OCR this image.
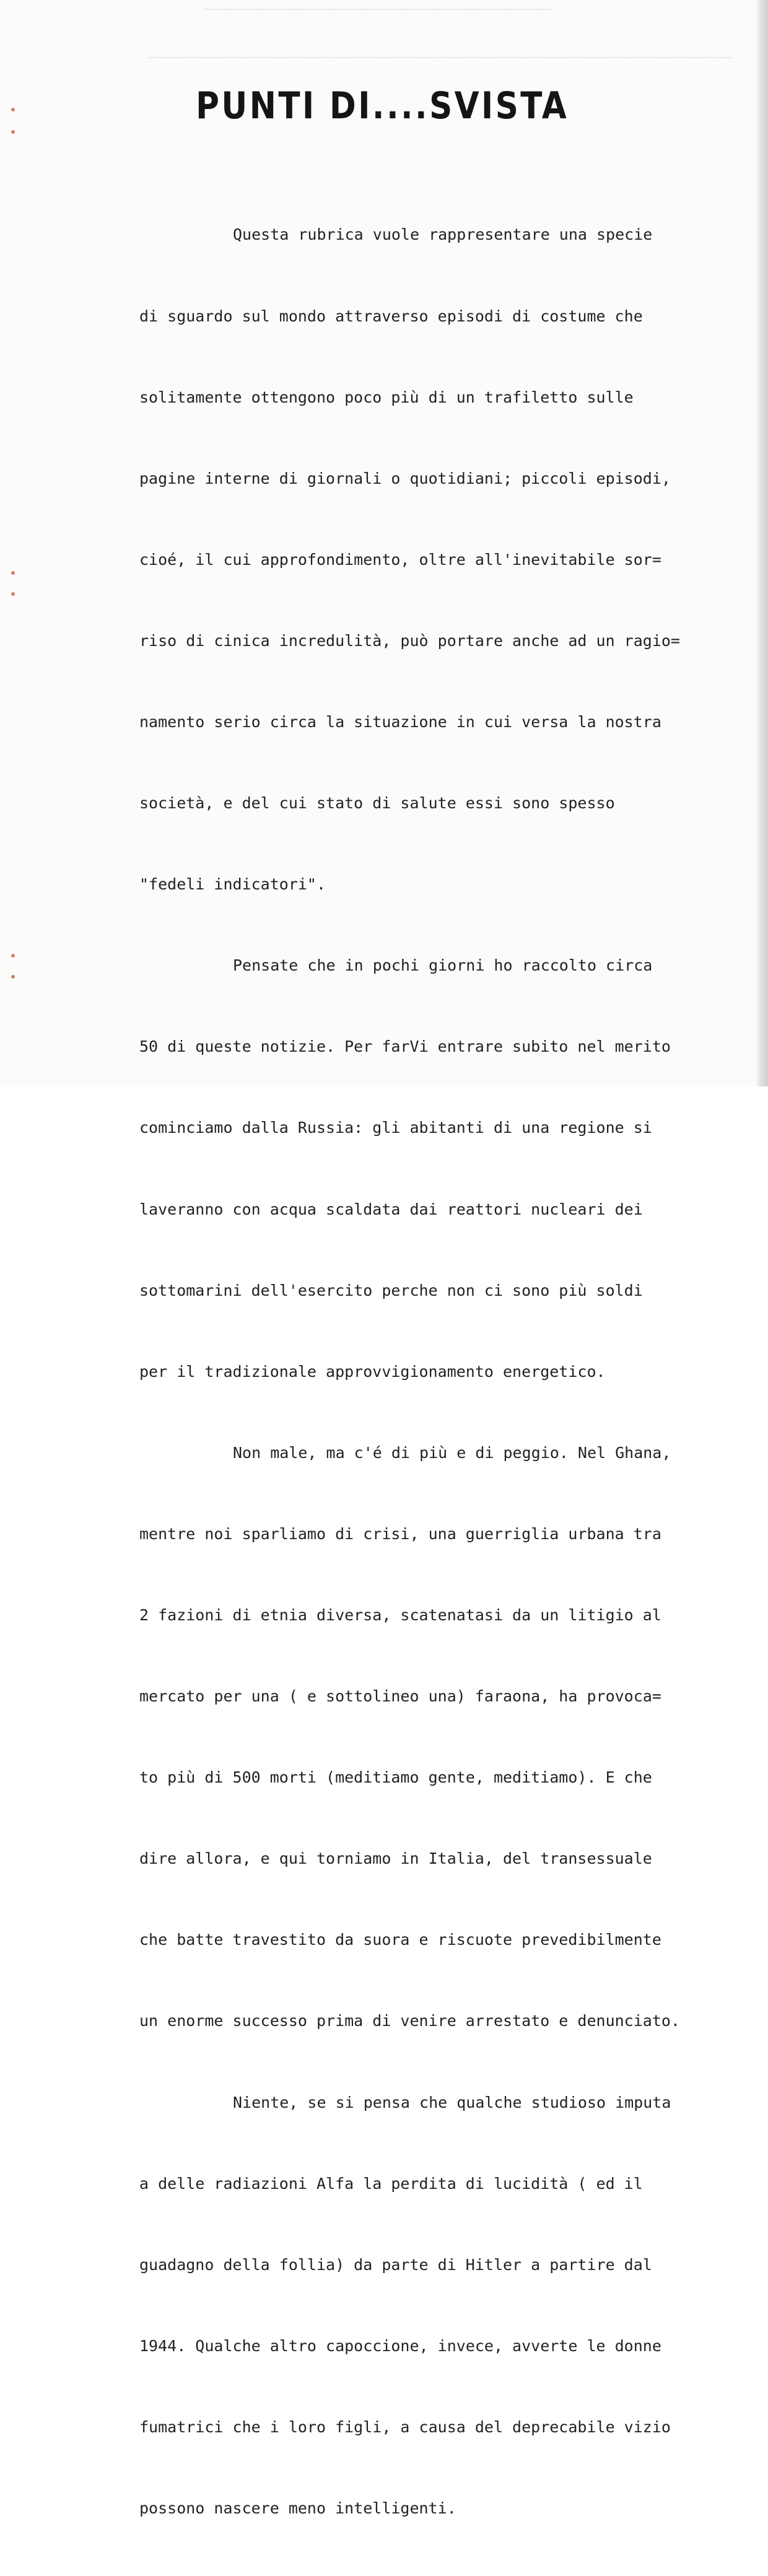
PUNTI DI....SVISTA

Questa rubrica vuole rappresentare una specie

di sguardo sul mondo attraverso episodi di costume che

solitamente ottengono poco più di un trafiletto sulle

pagine interne di giornali o quotidiani; piccoli episodi,

cioé, il cui approfondimento, oltre all'inevitabile sor=

riso di cinica incredulità, può portare anche ad un ragio=

namento serio circa la situazione in cui versa la nostra

società, e del cui stato di salute essi sono spesso

"fedeli indicatori".

Pensate che in pochi giorni ho raccolto circa

50 di queste notizie. Per farVi entrare subito nel merito

cominciamo dalla Russia: gli abitanti di una regione si

laveranno con acqua scaldata dai reattori nucleari dei

sottomarini dell'esercito perche non ci sono più soldi

per il tradizionale approvvigionamento energetico.

Non male, ma c'é di più e di peggio. Nel Ghana,

mentre noi sparliamo di crisi, una guerriglia urbana tra

2 fazioni di etnia diversa, scatenatasi da un litigio al

mercato per una ( e sottolineo una) faraona, ha provoca=

to più di 500 morti (meditiamo gente, meditiamo). E che

dire allora, e qui torniamo in Italia, del transessuale

che batte travestito da suora e riscuote prevedibilmente

un enorme successo prima di venire arrestato e denunciato.

Niente, se si pensa che qualche studioso imputa

a delle radiazioni Alfa la perdita di lucidità ( ed il

guadagno della follia) da parte di Hitler a partire dal

1944. Qualche altro capoccione, invece, avverte le donne

fumatrici che i loro figli, a causa del deprecabile vizio

possono nascere meno intelligenti.
